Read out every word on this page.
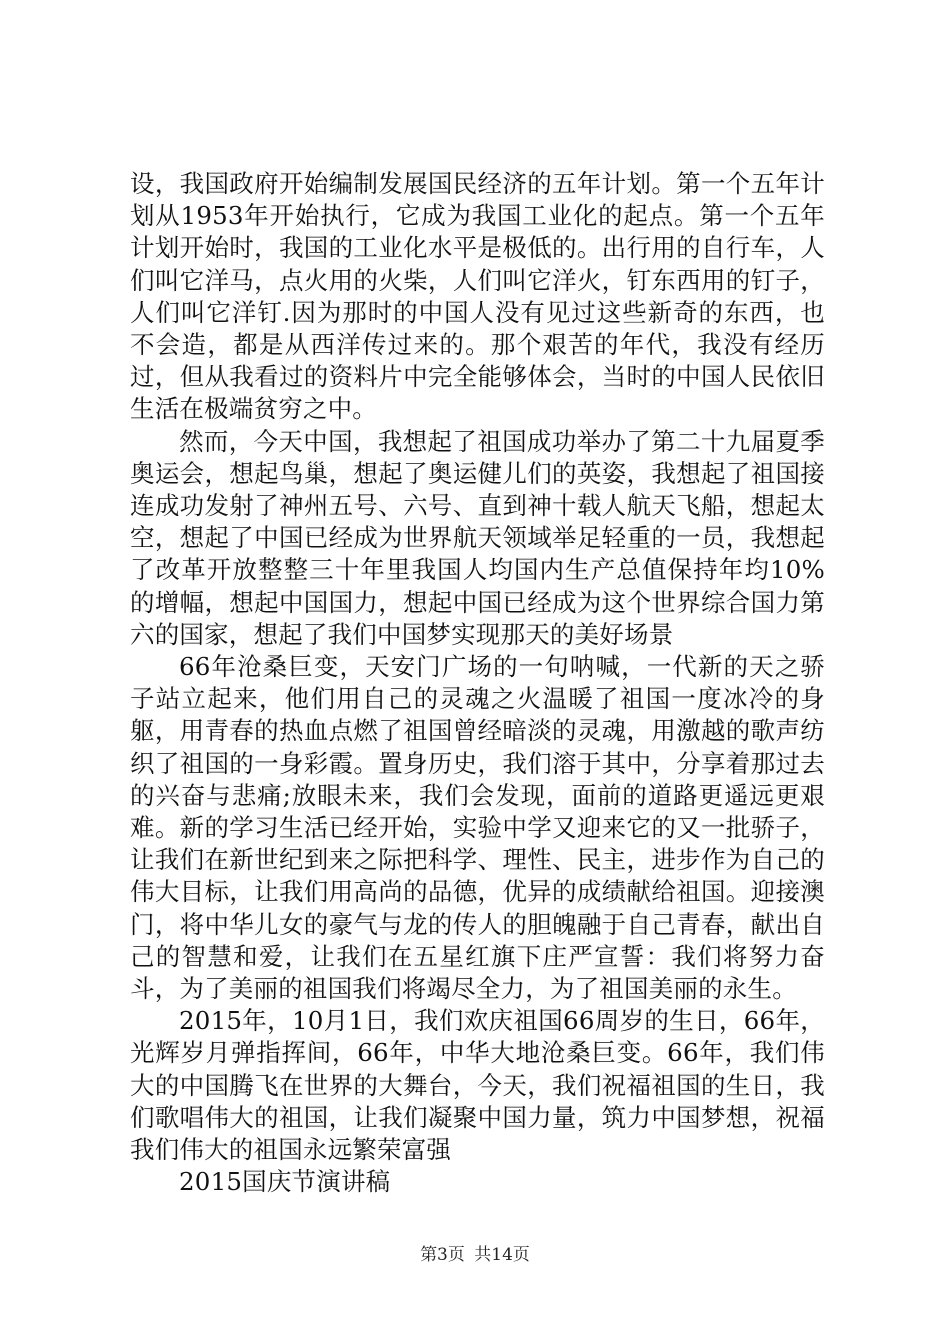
设，我国政府开始编制发展国民经济的五年计划。第一个五年计划从1953年开始执行，它成为我国工业化的起点。第一个五年计划开始时，我国的工业化水平是极低的。出行用的自行车，人们叫它洋马，点火用的火柴，人们叫它洋火，钉东西用的钉子，人们叫它洋钉.因为那时的中国人没有见过这些新奇的东西，也不会造，都是从西洋传过来的。那个艰苦的年代，我没有经历过，但从我看过的资料片中完全能够体会，当时的中国人民依旧生活在极端贫穷之中。

然而，今天中国，我想起了祖国成功举办了第二十九届夏季奥运会，想起鸟巢，想起了奥运健儿们的英姿，我想起了祖国接连成功发射了神州五号、六号、直到神十载人航天飞船，想起太空，想起了中国已经成为世界航天领域举足轻重的一员，我想起了改革开放整整三十年里我国人均国内生产总值保持年均10%的增幅，想起中国国力，想起中国已经成为这个世界综合国力第六的国家，想起了我们中国梦实现那天的美好场景

66年沧桑巨变，天安门广场的一句呐喊，一代新的天之骄子站立起来，他们用自己的灵魂之火温暖了祖国一度冰冷的身躯，用青春的热血点燃了祖国曾经暗淡的灵魂，用激越的歌声纺织了祖国的一身彩霞。置身历史，我们溶于其中，分享着那过去的兴奋与悲痛;放眼未来，我们会发现，面前的道路更遥远更艰难。新的学习生活已经开始，实验中学又迎来它的又一批骄子，让我们在新世纪到来之际把科学、理性、民主，进步作为自己的伟大目标，让我们用高尚的品德，优异的成绩献给祖国。迎接澳门，将中华儿女的豪气与龙的传人的胆魄融于自己青春，献出自己的智慧和爱，让我们在五星红旗下庄严宣誓：我们将努力奋斗，为了美丽的祖国我们将竭尽全力，为了祖国美丽的永生。

2015年，10月1日，我们欢庆祖国66周岁的生日，66年，光辉岁月弹指挥间，66年，中华大地沧桑巨变。66年，我们伟大的中国腾飞在世界的大舞台，今天，我们祝福祖国的生日，我们歌唱伟大的祖国，让我们凝聚中国力量，筑力中国梦想，祝福我们伟大的祖国永远繁荣富强

2015国庆节演讲稿

第3页 共14页
